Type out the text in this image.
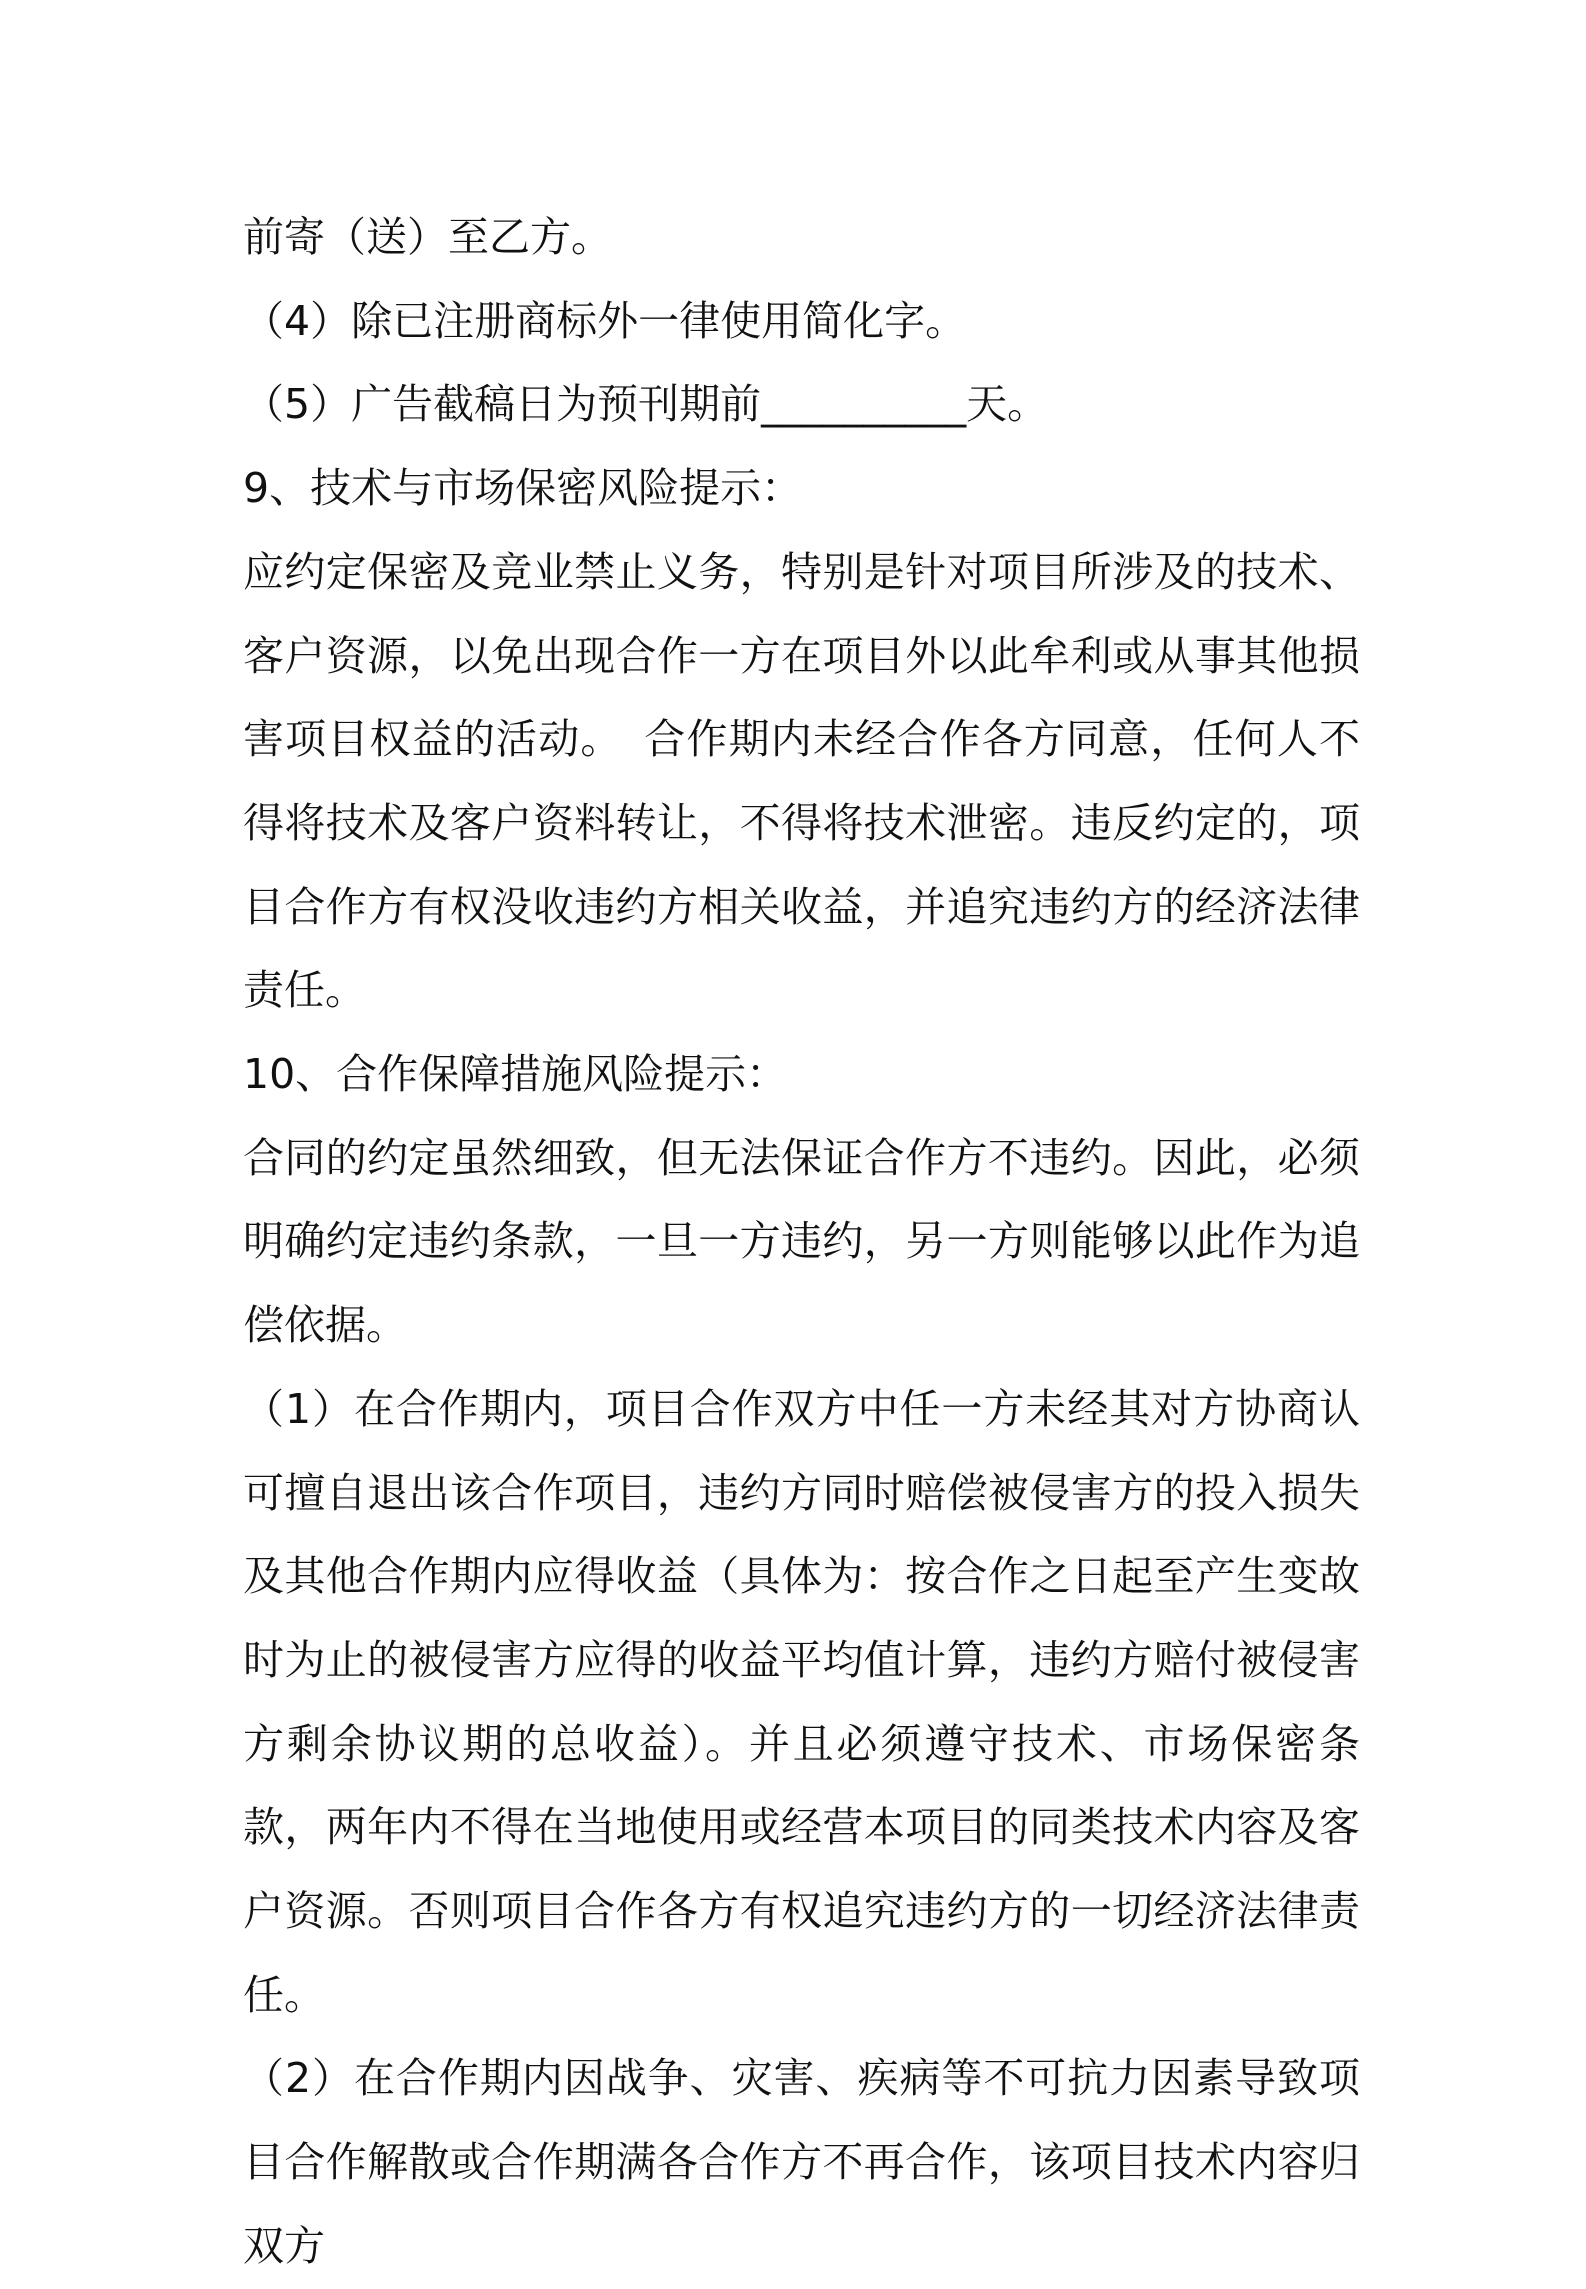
前寄（送）至乙方。

（4）除已注册商标外一律使用简化字。

（5）广告截稿日为预刊期前__________天。

9、技术与市场保密风险提示：

应约定保密及竞业禁止义务，特别是针对项目所涉及的技术、客户资源，以免出现合作一方在项目外以此牟利或从事其他损害项目权益的活动。　合作期内未经合作各方同意，任何人不得将技术及客户资料转让，不得将技术泄密。违反约定的，项目合作方有权没收违约方相关收益，并追究违约方的经济法律责任。

10、合作保障措施风险提示：

合同的约定虽然细致，但无法保证合作方不违约。因此，必须明确约定违约条款，一旦一方违约，另一方则能够以此作为追偿依据。

（1）在合作期内，项目合作双方中任一方未经其对方协商认可擅自退出该合作项目，违约方同时赔偿被侵害方的投入损失及其他合作期内应得收益（具体为：按合作之日起至产生变故时为止的被侵害方应得的收益平均值计算，违约方赔付被侵害方剩余协议期的总收益）。并且必须遵守技术、市场保密条款，两年内不得在当地使用或经营本项目的同类技术内容及客户资源。否则项目合作各方有权追究违约方的一切经济法律责任。

（2）在合作期内因战争、灾害、疾病等不可抗力因素导致项目合作解散或合作期满各合作方不再合作，该项目技术内容归双方
